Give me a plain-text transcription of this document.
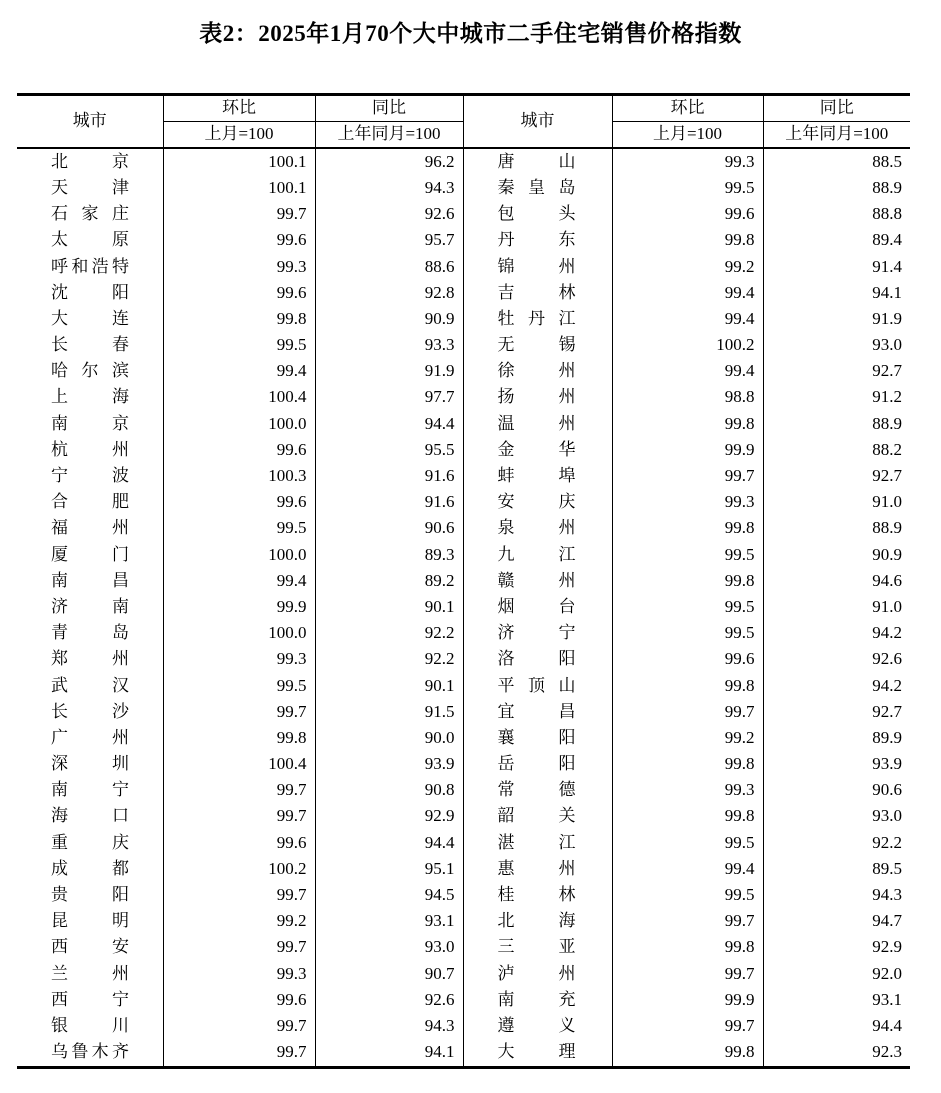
表2：2025年1月70个大中城市二手住宅销售价格指数
城市	环比	同比	城市	环比	同比
	上月=100	上年同月=100		上月=100	上年同月=100
北京	100.1	96.2	唐山	99.3	88.5
天津	100.1	94.3	秦皇岛	99.5	88.9
石家庄	99.7	92.6	包头	99.6	88.8
太原	99.6	95.7	丹东	99.8	89.4
呼和浩特	99.3	88.6	锦州	99.2	91.4
沈阳	99.6	92.8	吉林	99.4	94.1
大连	99.8	90.9	牡丹江	99.4	91.9
长春	99.5	93.3	无锡	100.2	93.0
哈尔滨	99.4	91.9	徐州	99.4	92.7
上海	100.4	97.7	扬州	98.8	91.2
南京	100.0	94.4	温州	99.8	88.9
杭州	99.6	95.5	金华	99.9	88.2
宁波	100.3	91.6	蚌埠	99.7	92.7
合肥	99.6	91.6	安庆	99.3	91.0
福州	99.5	90.6	泉州	99.8	88.9
厦门	100.0	89.3	九江	99.5	90.9
南昌	99.4	89.2	赣州	99.8	94.6
济南	99.9	90.1	烟台	99.5	91.0
青岛	100.0	92.2	济宁	99.5	94.2
郑州	99.3	92.2	洛阳	99.6	92.6
武汉	99.5	90.1	平顶山	99.8	94.2
长沙	99.7	91.5	宜昌	99.7	92.7
广州	99.8	90.0	襄阳	99.2	89.9
深圳	100.4	93.9	岳阳	99.8	93.9
南宁	99.7	90.8	常德	99.3	90.6
海口	99.7	92.9	韶关	99.8	93.0
重庆	99.6	94.4	湛江	99.5	92.2
成都	100.2	95.1	惠州	99.4	89.5
贵阳	99.7	94.5	桂林	99.5	94.3
昆明	99.2	93.1	北海	99.7	94.7
西安	99.7	93.0	三亚	99.8	92.9
兰州	99.3	90.7	泸州	99.7	92.0
西宁	99.6	92.6	南充	99.9	93.1
银川	99.7	94.3	遵义	99.7	94.4
乌鲁木齐	99.7	94.1	大理	99.8	92.3
